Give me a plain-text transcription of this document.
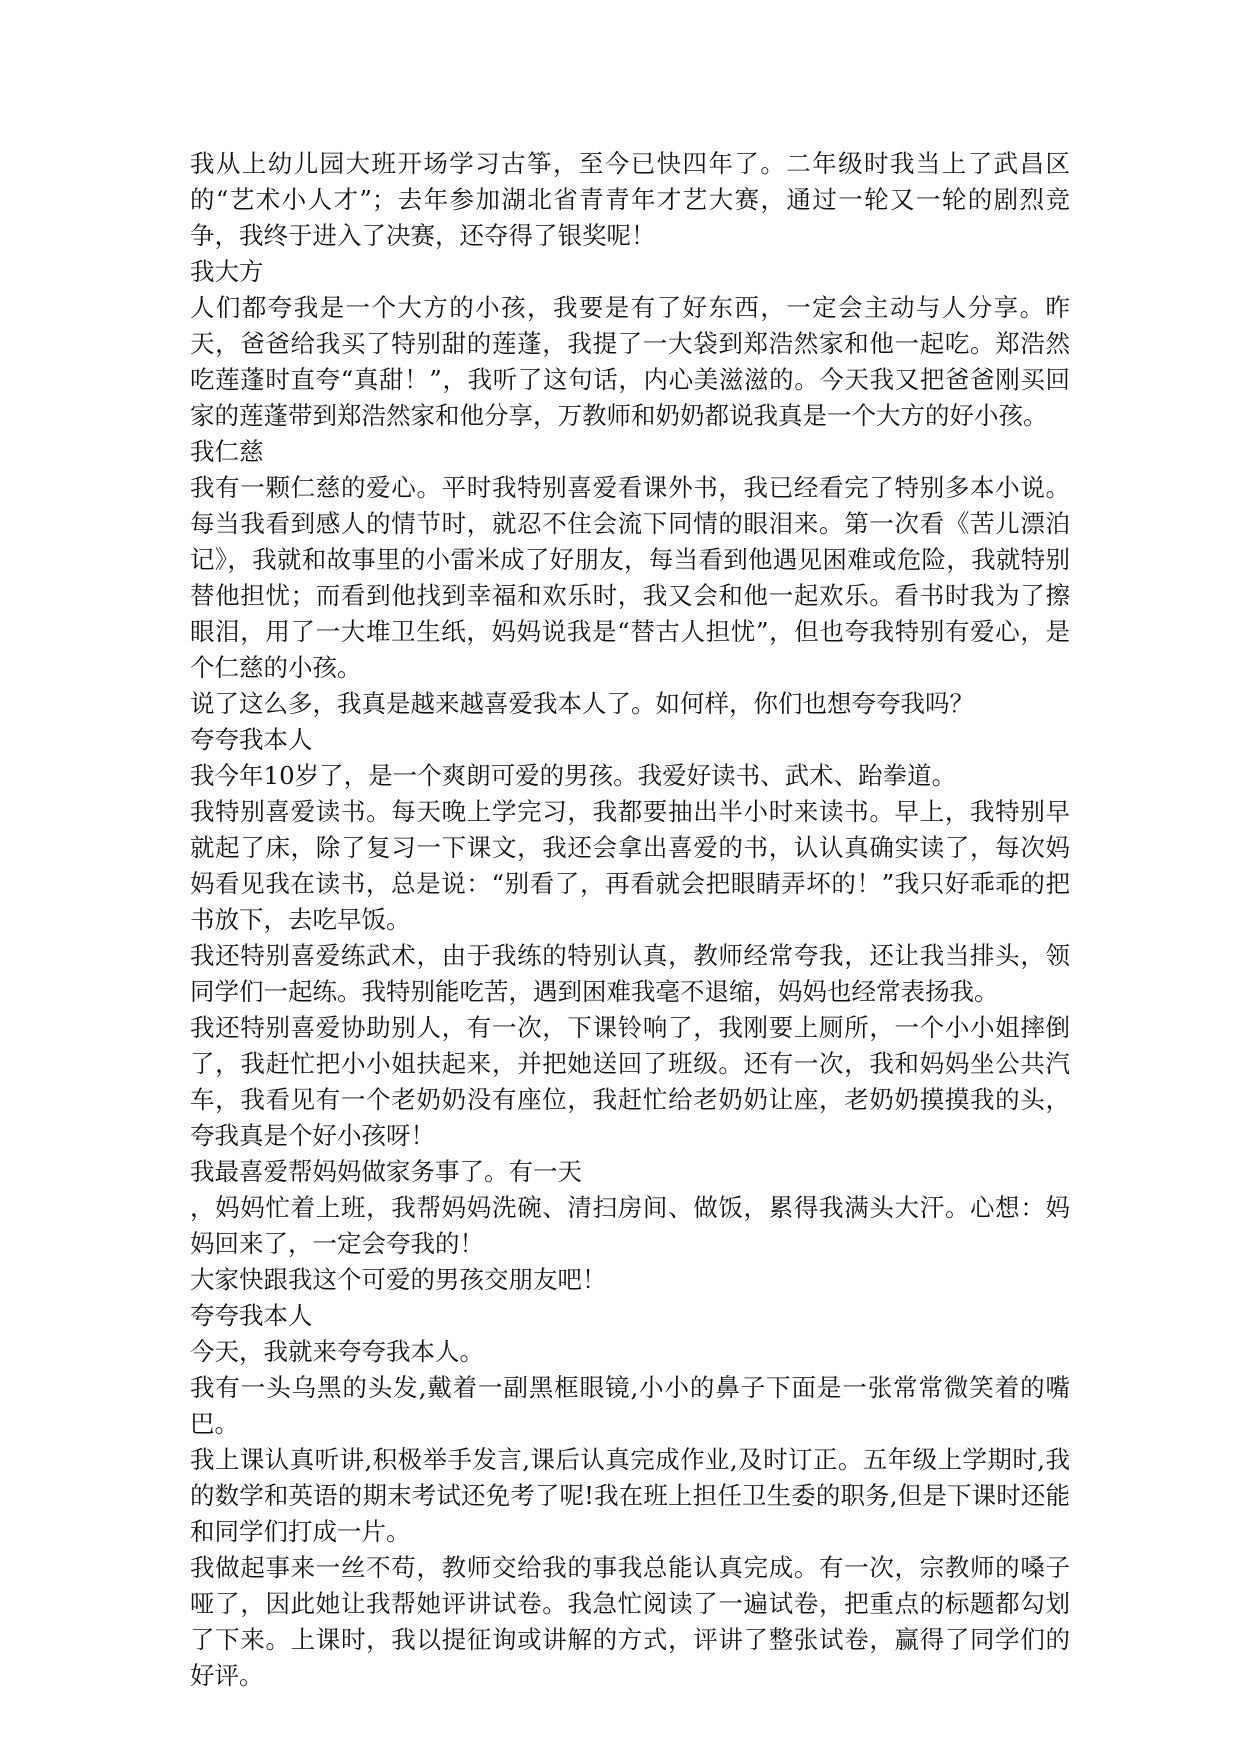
我从上幼儿园大班开场学习古筝，至今已快四年了。二年级时我当上了武昌区的“艺术小人才”；去年参加湖北省青青年才艺大赛，通过一轮又一轮的剧烈竞争，我终于进入了决赛，还夺得了银奖呢！

我大方

人们都夸我是一个大方的小孩，我要是有了好东西，一定会主动与人分享。昨天，爸爸给我买了特别甜的莲蓬，我提了一大袋到郑浩然家和他一起吃。郑浩然吃莲蓬时直夸“真甜！”，我听了这句话，内心美滋滋的。今天我又把爸爸刚买回家的莲蓬带到郑浩然家和他分享，万教师和奶奶都说我真是一个大方的好小孩。

我仁慈

我有一颗仁慈的爱心。平时我特别喜爱看课外书，我已经看完了特别多本小说。每当我看到感人的情节时，就忍不住会流下同情的眼泪来。第一次看《苦儿漂泊记》，我就和故事里的小雷米成了好朋友，每当看到他遇见困难或危险，我就特别替他担忧；而看到他找到幸福和欢乐时，我又会和他一起欢乐。看书时我为了擦眼泪，用了一大堆卫生纸，妈妈说我是“替古人担忧”，但也夸我特别有爱心，是个仁慈的小孩。

说了这么多，我真是越来越喜爱我本人了。如何样，你们也想夸夸我吗？

夸夸我本人

我今年10岁了，是一个爽朗可爱的男孩。我爱好读书、武术、跆拳道。

我特别喜爱读书。每天晚上学完习，我都要抽出半小时来读书。早上，我特别早就起了床，除了复习一下课文，我还会拿出喜爱的书，认认真确实读了，每次妈妈看见我在读书，总是说：“别看了，再看就会把眼睛弄坏的！”我只好乖乖的把书放下，去吃早饭。

我还特别喜爱练武术，由于我练的特别认真，教师经常夸我，还让我当排头，领同学们一起练。我特别能吃苦，遇到困难我毫不退缩，妈妈也经常表扬我。

我还特别喜爱协助别人，有一次，下课铃响了，我刚要上厕所，一个小小姐摔倒了，我赶忙把小小姐扶起来，并把她送回了班级。还有一次，我和妈妈坐公共汽车，我看见有一个老奶奶没有座位，我赶忙给老奶奶让座，老奶奶摸摸我的头，夸我真是个好小孩呀！

我最喜爱帮妈妈做家务事了。有一天

，妈妈忙着上班，我帮妈妈洗碗、清扫房间、做饭，累得我满头大汗。心想：妈妈回来了，一定会夸我的！

大家快跟我这个可爱的男孩交朋友吧！

夸夸我本人

今天，我就来夸夸我本人。

我有一头乌黑的头发,戴着一副黑框眼镜,小小的鼻子下面是一张常常微笑着的嘴巴。

我上课认真听讲,积极举手发言,课后认真完成作业,及时订正。五年级上学期时,我的数学和英语的期末考试还免考了呢!我在班上担任卫生委的职务,但是下课时还能和同学们打成一片。

我做起事来一丝不苟，教师交给我的事我总能认真完成。有一次，宗教师的嗓子哑了，因此她让我帮她评讲试卷。我急忙阅读了一遍试卷，把重点的标题都勾划了下来。上课时，我以提征询或讲解的方式，评讲了整张试卷，赢得了同学们的好评。
